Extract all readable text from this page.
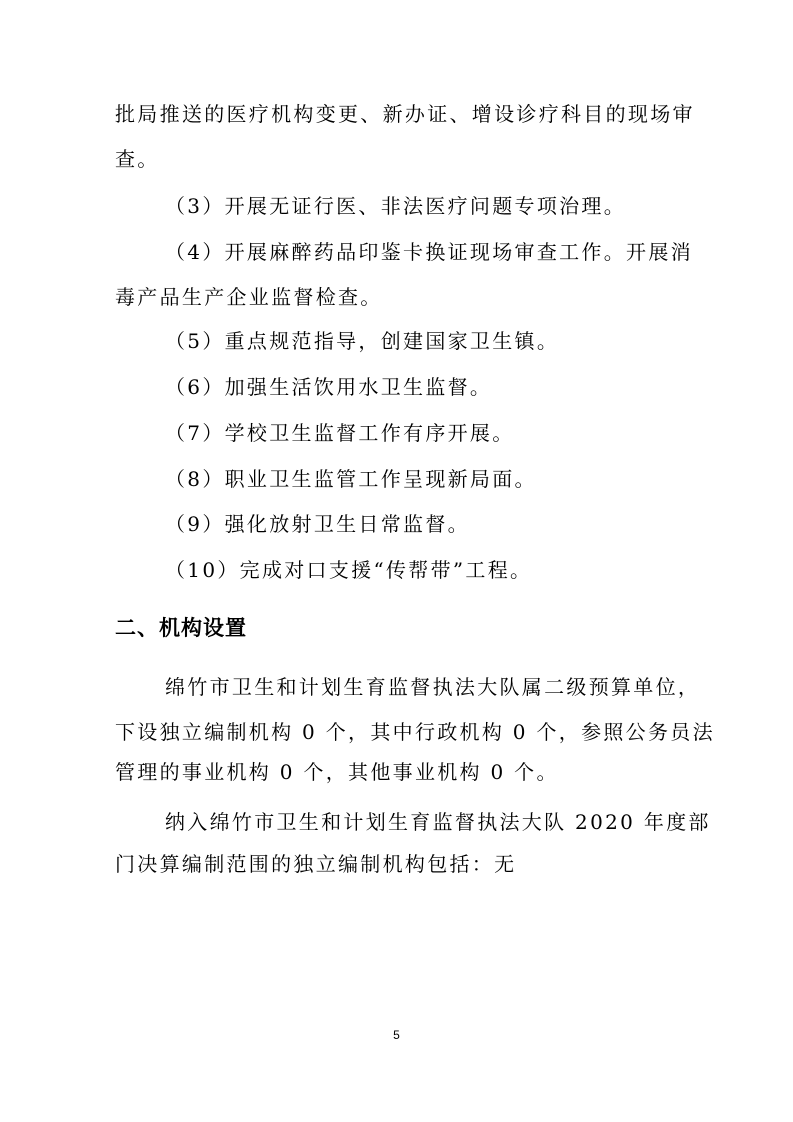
批局推送的医疗机构变更、新办证、增设诊疗科目的现场审
查。
（3）开展无证行医、非法医疗问题专项治理。
（4）开展麻醉药品印鉴卡换证现场审查工作。开展消
毒产品生产企业监督检查。
（5）重点规范指导，创建国家卫生镇。
（6）加强生活饮用水卫生监督。
（7）学校卫生监督工作有序开展。
（8）职业卫生监管工作呈现新局面。
（9）强化放射卫生日常监督。
（10）完成对口支援“传帮带”工程。
二、机构设置
绵竹市卫生和计划生育监督执法大队属二级预算单位，
下设独立编制机构 0 个，其中行政机构 0 个，参照公务员法
管理的事业机构 0 个，其他事业机构 0 个。
纳入绵竹市卫生和计划生育监督执法大队 2020 年度部
门决算编制范围的独立编制机构包括：无
5
